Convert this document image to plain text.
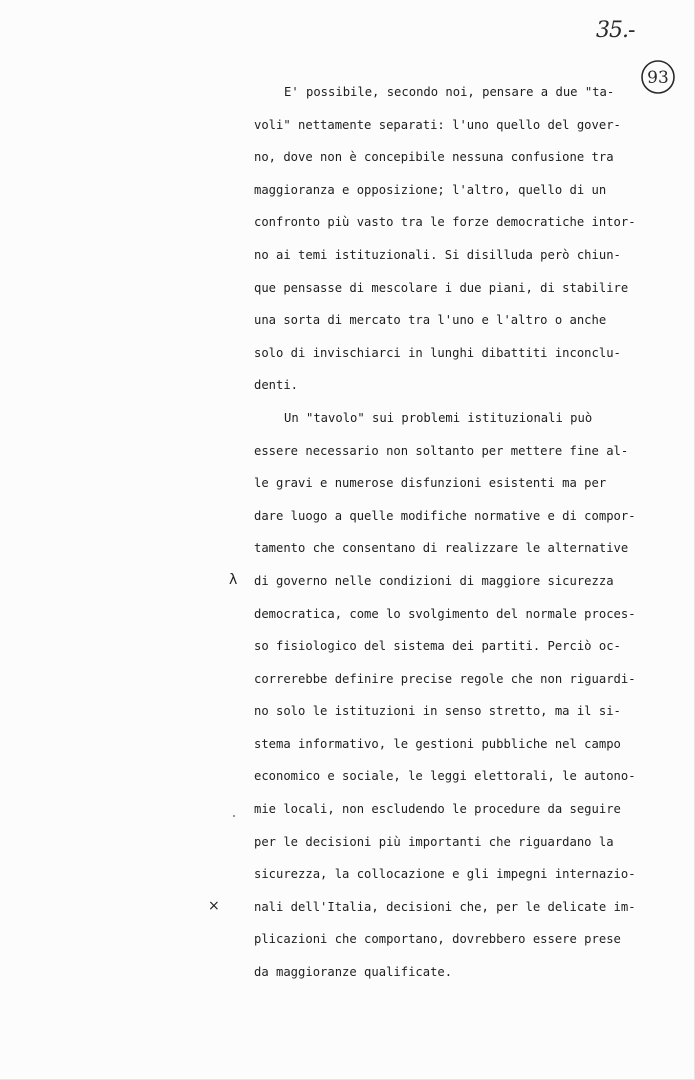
35.-
93
λ
×
E' possibile, secondo noi, pensare a due "ta-
voli" nettamente separati: l'uno quello del gover-
no, dove non è concepibile nessuna confusione tra
maggioranza e opposizione; l'altro, quello di un
confronto più vasto tra le forze democratiche intor-
no ai temi istituzionali. Si disilluda però chiun-
que pensasse di mescolare i due piani, di stabilire
una sorta di mercato tra l'uno e l'altro o anche
solo di invischiarci in lunghi dibattiti inconclu-
denti.
Un "tavolo" sui problemi istituzionali può
essere necessario non soltanto per mettere fine al-
le gravi e numerose disfunzioni esistenti ma per
dare luogo a quelle modifiche normative e di compor-
tamento che consentano di realizzare le alternative
di governo nelle condizioni di maggiore sicurezza
democratica, come lo svolgimento del normale proces-
so fisiologico del sistema dei partiti. Perciò oc-
correrebbe definire precise regole che non riguardi-
no solo le istituzioni in senso stretto, ma il si-
stema informativo, le gestioni pubbliche nel campo
economico e sociale, le leggi elettorali, le autono-
mie locali, non escludendo le procedure da seguire
per le decisioni più importanti che riguardano la
sicurezza, la collocazione e gli impegni internazio-
nali dell'Italia, decisioni che, per le delicate im-
plicazioni che comportano, dovrebbero essere prese
da maggioranze qualificate.
